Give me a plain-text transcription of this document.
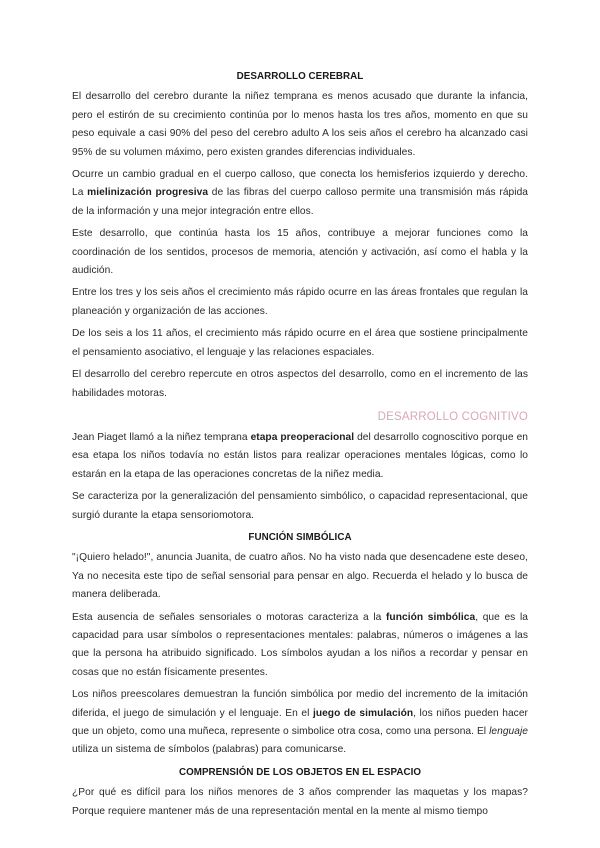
DESARROLLO CEREBRAL

El desarrollo del cerebro durante la niñez temprana es menos acusado que durante la infancia, pero el estirón de su crecimiento continúa por lo menos hasta los tres años, momento en que su peso equivale a casi 90% del peso del cerebro adulto A los seis años el cerebro ha alcanzado casi 95% de su volumen máximo, pero existen grandes diferencias individuales.

Ocurre un cambio gradual en el cuerpo calloso, que conecta los hemisferios izquierdo y derecho. La mielinización progresiva de las fibras del cuerpo calloso permite una transmisión más rápida de la información y una mejor integración entre ellos.

Este desarrollo, que continúa hasta los 15 años, contribuye a mejorar funciones como la coordinación de los sentidos, procesos de memoria, atención y activación, así como el habla y la audición.

Entre los tres y los seis años el crecimiento más rápido ocurre en las áreas frontales que regulan la planeación y organización de las acciones.

De los seis a los 11 años, el crecimiento más rápido ocurre en el área que sostiene principalmente el pensamiento asociativo, el lenguaje y las relaciones espaciales.

El desarrollo del cerebro repercute en otros aspectos del desarrollo, como en el incremento de las habilidades motoras.

DESARROLLO COGNITIVO

Jean Piaget llamó a la niñez temprana etapa preoperacional del desarrollo cognoscitivo porque en esa etapa los niños todavía no están listos para realizar operaciones mentales lógicas, como lo estarán en la etapa de las operaciones concretas de la niñez media.

Se caracteriza por la generalización del pensamiento simbólico, o capacidad representacional, que surgió durante la etapa sensoriomotora.

FUNCIÓN SIMBÓLICA

"¡Quiero helado!", anuncia Juanita, de cuatro años. No ha visto nada que desencadene este deseo, Ya no necesita este tipo de señal sensorial para pensar en algo. Recuerda el helado y lo busca de manera deliberada.

Esta ausencia de señales sensoriales o motoras caracteriza a la función simbólica, que es la capacidad para usar símbolos o representaciones mentales: palabras, números o imágenes a las que la persona ha atribuido significado. Los símbolos ayudan a los niños a recordar y pensar en cosas que no están físicamente presentes.

Los niños preescolares demuestran la función simbólica por medio del incremento de la imitación diferida, el juego de simulación y el lenguaje. En el juego de simulación, los niños pueden hacer que un objeto, como una muñeca, represente o simbolice otra cosa, como una persona. El lenguaje utiliza un sistema de símbolos (palabras) para comunicarse.

COMPRENSIÓN DE LOS OBJETOS EN EL ESPACIO

¿Por qué es difícil para los niños menores de 3 años comprender las maquetas y los mapas? Porque requiere mantener más de una representación mental en la mente al mismo tiempo
